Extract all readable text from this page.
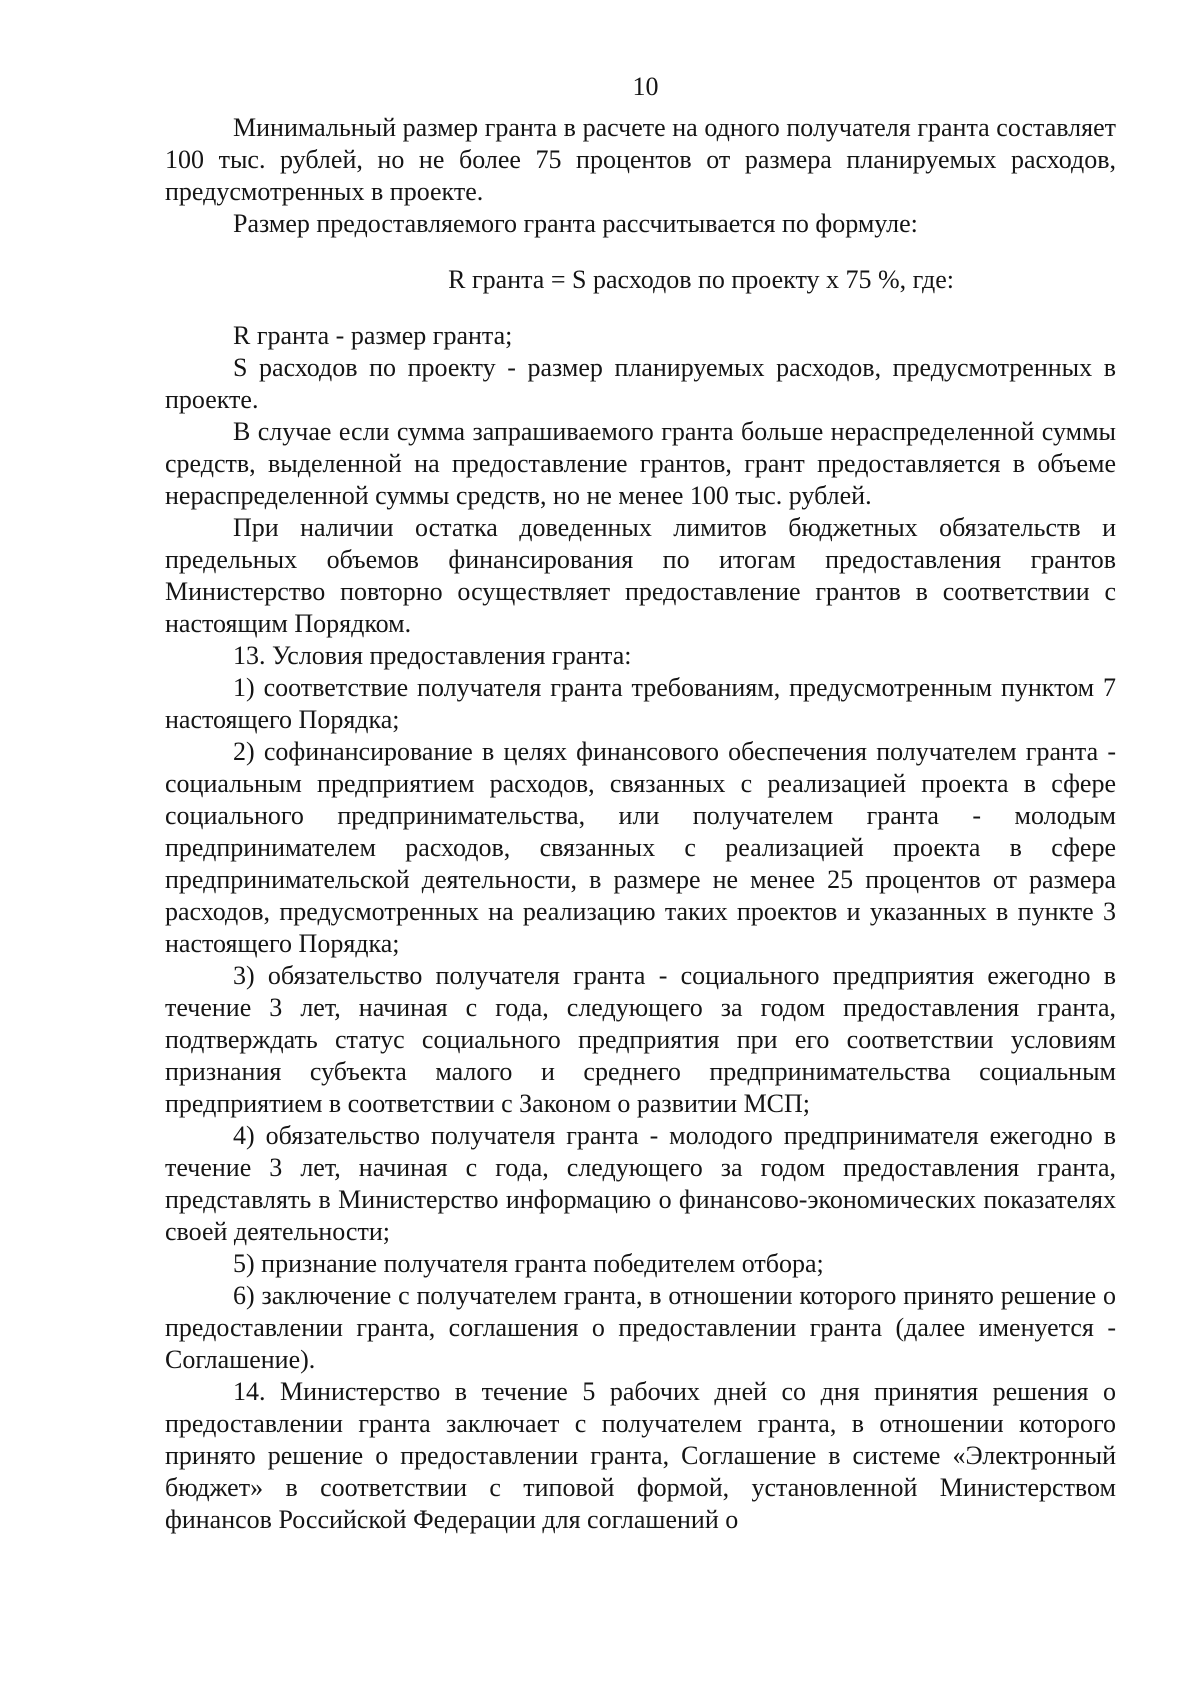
10

Минимальный размер гранта в расчете на одного получателя гранта составляет 100 тыс. рублей, но не более 75 процентов от размера планируемых расходов, предусмотренных в проекте.

Размер предоставляемого гранта рассчитывается по формуле:

R гранта = S расходов по проекту х 75 %, где:

R гранта - размер гранта;

S расходов по проекту - размер планируемых расходов, предусмотренных в проекте.

В случае если сумма запрашиваемого гранта больше нераспределенной суммы средств, выделенной на предоставление грантов, грант предоставляется в объеме нераспределенной суммы средств, но не менее 100 тыс. рублей.

При наличии остатка доведенных лимитов бюджетных обязательств и предельных объемов финансирования по итогам предоставления грантов Министерство повторно осуществляет предоставление грантов в соответствии с настоящим Порядком.

13. Условия предоставления гранта:

1) соответствие получателя гранта требованиям, предусмотренным пунктом 7 настоящего Порядка;

2) софинансирование в целях финансового обеспечения получателем гранта - социальным предприятием расходов, связанных с реализацией проекта в сфере социального предпринимательства, или получателем гранта - молодым предпринимателем расходов, связанных с реализацией проекта в сфере предпринимательской деятельности, в размере не менее 25 процентов от размера расходов, предусмотренных на реализацию таких проектов и указанных в пункте 3 настоящего Порядка;

3) обязательство получателя гранта - социального предприятия ежегодно в течение 3 лет, начиная с года, следующего за годом предоставления гранта, подтверждать статус социального предприятия при его соответствии условиям признания субъекта малого и среднего предпринимательства социальным предприятием в соответствии с Законом о развитии МСП;

4) обязательство получателя гранта - молодого предпринимателя ежегодно в течение 3 лет, начиная с года, следующего за годом предоставления гранта, представлять в Министерство информацию о финансово-экономических показателях своей деятельности;

5) признание получателя гранта победителем отбора;

6) заключение с получателем гранта, в отношении которого принято решение о предоставлении гранта, соглашения о предоставлении гранта (далее именуется - Соглашение).

14. Министерство в течение 5 рабочих дней со дня принятия решения о предоставлении гранта заключает с получателем гранта, в отношении которого принято решение о предоставлении гранта, Соглашение в системе «Электронный бюджет» в соответствии с типовой формой, установленной Министерством финансов Российской Федерации для соглашений о
